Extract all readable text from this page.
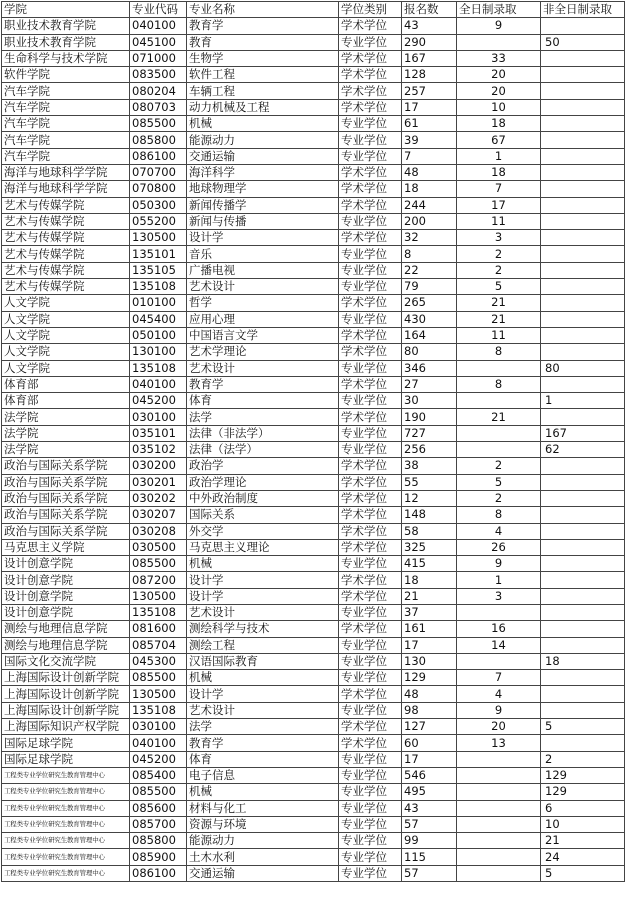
学院	专业代码	专业名称	学位类别	报名数	全日制录取	非全日制录取
职业技术教育学院	040100	教育学	学术学位	43	9	
职业技术教育学院	045100	教育	专业学位	290		50
生命科学与技术学院	071000	生物学	学术学位	167	33	
软件学院	083500	软件工程	学术学位	128	20	
汽车学院	080204	车辆工程	学术学位	257	20	
汽车学院	080703	动力机械及工程	学术学位	17	10	
汽车学院	085500	机械	专业学位	61	18	
汽车学院	085800	能源动力	专业学位	39	67	
汽车学院	086100	交通运输	专业学位	7	1	
海洋与地球科学学院	070700	海洋科学	学术学位	48	18	
海洋与地球科学学院	070800	地球物理学	学术学位	18	7	
艺术与传媒学院	050300	新闻传播学	学术学位	244	17	
艺术与传媒学院	055200	新闻与传播	专业学位	200	11	
艺术与传媒学院	130500	设计学	学术学位	32	3	
艺术与传媒学院	135101	音乐	专业学位	8	2	
艺术与传媒学院	135105	广播电视	专业学位	22	2	
艺术与传媒学院	135108	艺术设计	专业学位	79	5	
人文学院	010100	哲学	学术学位	265	21	
人文学院	045400	应用心理	专业学位	430	21	
人文学院	050100	中国语言文学	学术学位	164	11	
人文学院	130100	艺术学理论	学术学位	80	8	
人文学院	135108	艺术设计	专业学位	346		80
体育部	040100	教育学	学术学位	27	8	
体育部	045200	体育	专业学位	30		1
法学院	030100	法学	学术学位	190	21	
法学院	035101	法律（非法学）	专业学位	727		167
法学院	035102	法律（法学）	专业学位	256		62
政治与国际关系学院	030200	政治学	学术学位	38	2	
政治与国际关系学院	030201	政治学理论	学术学位	55	5	
政治与国际关系学院	030202	中外政治制度	学术学位	12	2	
政治与国际关系学院	030207	国际关系	学术学位	148	8	
政治与国际关系学院	030208	外交学	学术学位	58	4	
马克思主义学院	030500	马克思主义理论	学术学位	325	26	
设计创意学院	085500	机械	专业学位	415	9	
设计创意学院	087200	设计学	学术学位	18	1	
设计创意学院	130500	设计学	学术学位	21	3	
设计创意学院	135108	艺术设计	专业学位	37		
测绘与地理信息学院	081600	测绘科学与技术	学术学位	161	16	
测绘与地理信息学院	085704	测绘工程	专业学位	17	14	
国际文化交流学院	045300	汉语国际教育	专业学位	130		18
上海国际设计创新学院	085500	机械	专业学位	129	7	
上海国际设计创新学院	130500	设计学	学术学位	48	4	
上海国际设计创新学院	135108	艺术设计	专业学位	98	9	
上海国际知识产权学院	030100	法学	学术学位	127	20	5
国际足球学院	040100	教育学	学术学位	60	13	
国际足球学院	045200	体育	专业学位	17		2
工程类专业学位研究生教育管理中心	085400	电子信息	专业学位	546		129
工程类专业学位研究生教育管理中心	085500	机械	专业学位	495		129
工程类专业学位研究生教育管理中心	085600	材料与化工	专业学位	43		6
工程类专业学位研究生教育管理中心	085700	资源与环境	专业学位	57		10
工程类专业学位研究生教育管理中心	085800	能源动力	专业学位	99		21
工程类专业学位研究生教育管理中心	085900	土木水利	专业学位	115		24
工程类专业学位研究生教育管理中心	086100	交通运输	专业学位	57		5
